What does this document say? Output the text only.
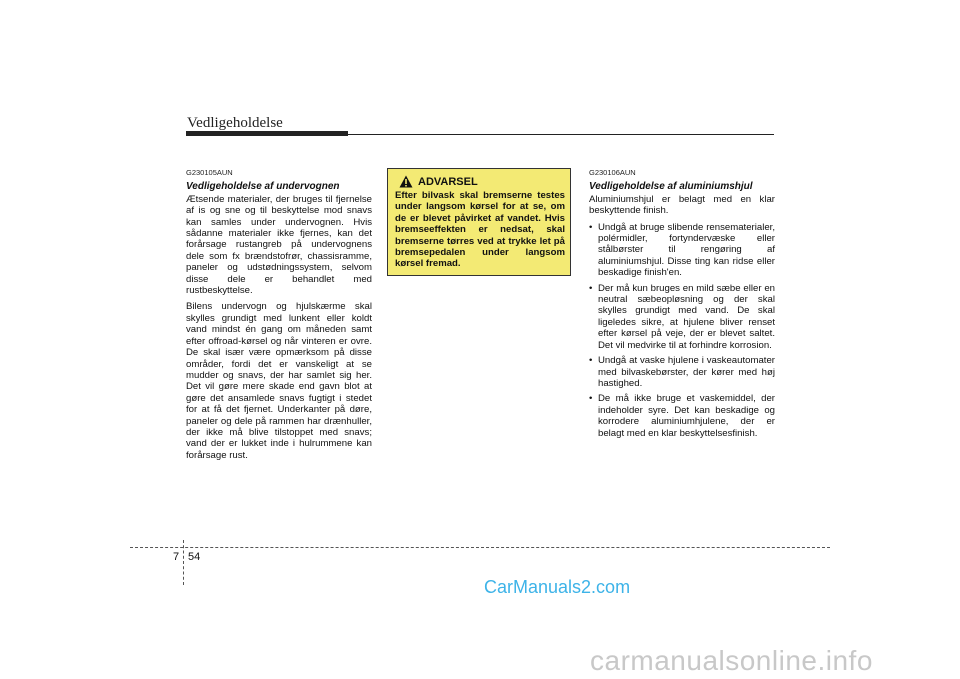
Vedligeholdelse
G230105AUN
Vedligeholdelse af undervognen

Ætsende materialer, der bruges til fjernelse af is og sne og til beskyttelse mod snavs kan samles under undervognen. Hvis sådanne materialer ikke fjernes, kan det forårsage rustangreb på undervognens dele som fx brændstofrør, chassisramme, paneler og udstødningssystem, selvom disse dele er behandlet med rustbeskyttelse.

Bilens undervogn og hjulskærme skal skylles grundigt med lunkent eller koldt vand mindst én gang om måneden samt efter offroad-kørsel og når vinteren er ovre. De skal især være opmærksom på disse områder, fordi det er vanskeligt at se mudder og snavs, der har samlet sig her. Det vil gøre mere skade end gavn blot at gøre det ansamlede snavs fugtigt i stedet for at få det fjernet. Underkanter på døre, paneler og dele på rammen har drænhuller, der ikke må blive tilstoppet med snavs; vand der er lukket inde i hulrummene kan forårsage rust.

ADVARSEL
Efter bilvask skal bremserne testes under langsom kørsel for at se, om de er blevet påvirket af vandet. Hvis bremseeffekten er nedsat, skal bremserne tørres ved at trykke let på bremsepedalen under langsom kørsel fremad.
G230106AUN
Vedligeholdelse af aluminiumshjul

Aluminiumshjul er belagt med en klar beskyttende finish.

• Undgå at bruge slibende rensematerialer, polérmidler, fortyndervæske eller stålbørster til rengøring af aluminiumshjul. Disse ting kan ridse eller beskadige finish'en.
• Der må kun bruges en mild sæbe eller en neutral sæbeopløsning og der skal skylles grundigt med vand. De skal ligeledes sikre, at hjulene bliver renset efter kørsel på veje, der er blevet saltet. Det vil medvirke til at forhindre korrosion.
• Undgå at vaske hjulene i vaskeautomater med bilvaskebørster, der kører med høj hastighed.
• De må ikke bruge et vaskemiddel, der indeholder syre. Det kan beskadige og korrodere aluminiumhjulene, der er belagt med en klar beskyttelsesfinish.
7 54
CarManuals2.com
carmanualsonline.info
